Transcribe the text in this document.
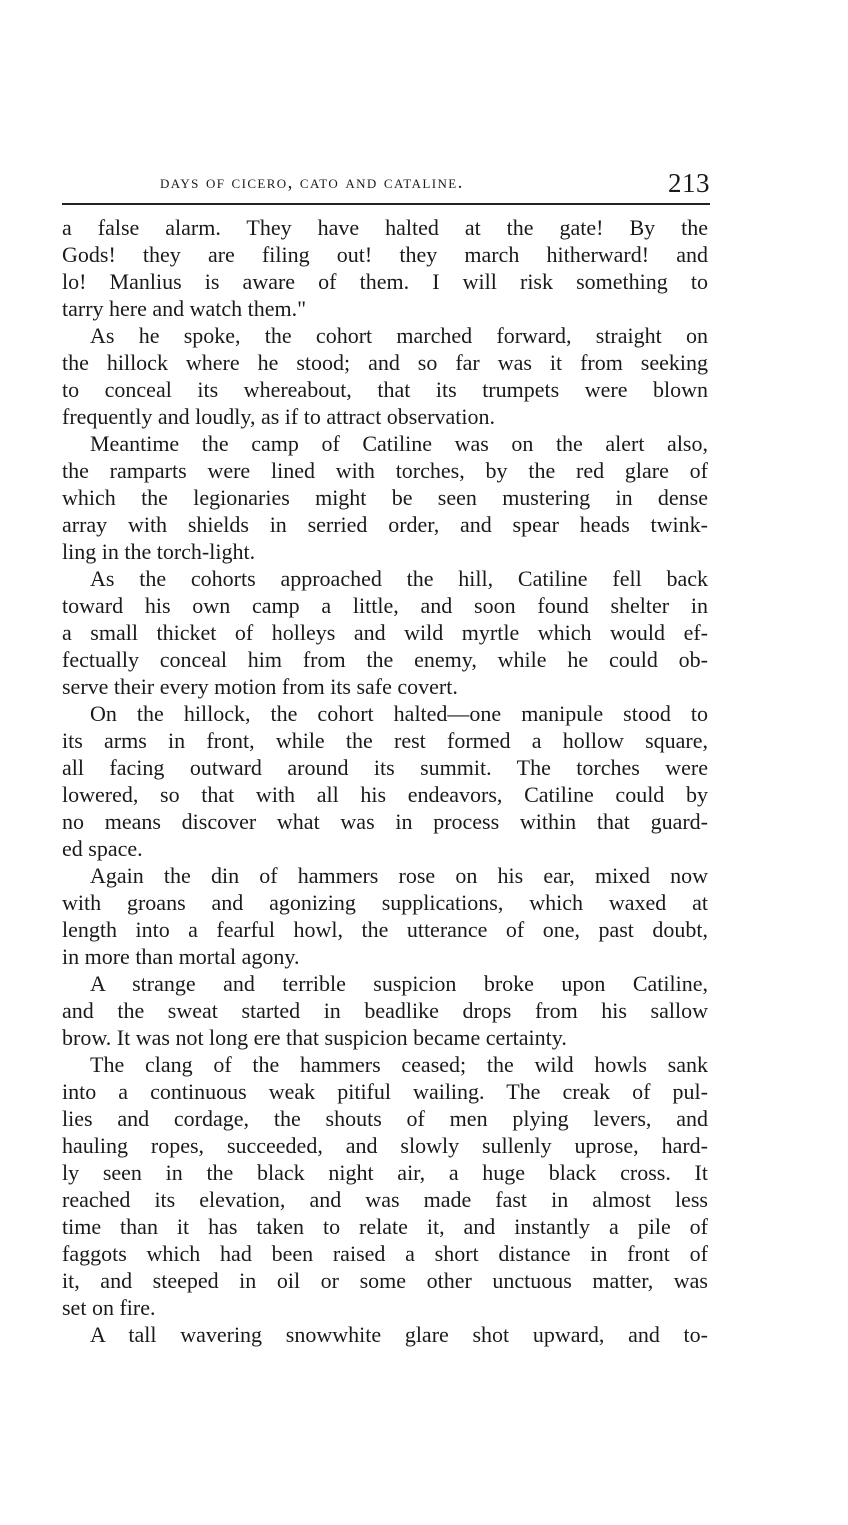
days of cicero, cato and cataline.	213
a false alarm. They have halted at the gate! By the
Gods! they are filing out! they march hitherward! and
lo! Manlius is aware of them. I will risk something to
tarry here and watch them."
As he spoke, the cohort marched forward, straight on
the hillock where he stood; and so far was it from seeking
to conceal its whereabout, that its trumpets were blown
frequently and loudly, as if to attract observation.
Meantime the camp of Catiline was on the alert also,
the ramparts were lined with torches, by the red glare of
which the legionaries might be seen mustering in dense
array with shields in serried order, and spear heads twink-
ling in the torch-light.
As the cohorts approached the hill, Catiline fell back
toward his own camp a little, and soon found shelter in
a small thicket of holleys and wild myrtle which would ef-
fectually conceal him from the enemy, while he could ob-
serve their every motion from its safe covert.
On the hillock, the cohort halted—one manipule stood to
its arms in front, while the rest formed a hollow square,
all facing outward around its summit. The torches were
lowered, so that with all his endeavors, Catiline could by
no means discover what was in process within that guard-
ed space.
Again the din of hammers rose on his ear, mixed now
with groans and agonizing supplications, which waxed at
length into a fearful howl, the utterance of one, past doubt,
in more than mortal agony.
A strange and terrible suspicion broke upon Catiline,
and the sweat started in beadlike drops from his sallow
brow. It was not long ere that suspicion became certainty.
The clang of the hammers ceased; the wild howls sank
into a continuous weak pitiful wailing. The creak of pul-
lies and cordage, the shouts of men plying levers, and
hauling ropes, succeeded, and slowly sullenly uprose, hard-
ly seen in the black night air, a huge black cross. It
reached its elevation, and was made fast in almost less
time than it has taken to relate it, and instantly a pile of
faggots which had been raised a short distance in front of
it, and steeped in oil or some other unctuous matter, was
set on fire.
A tall wavering snowwhite glare shot upward, and to-
